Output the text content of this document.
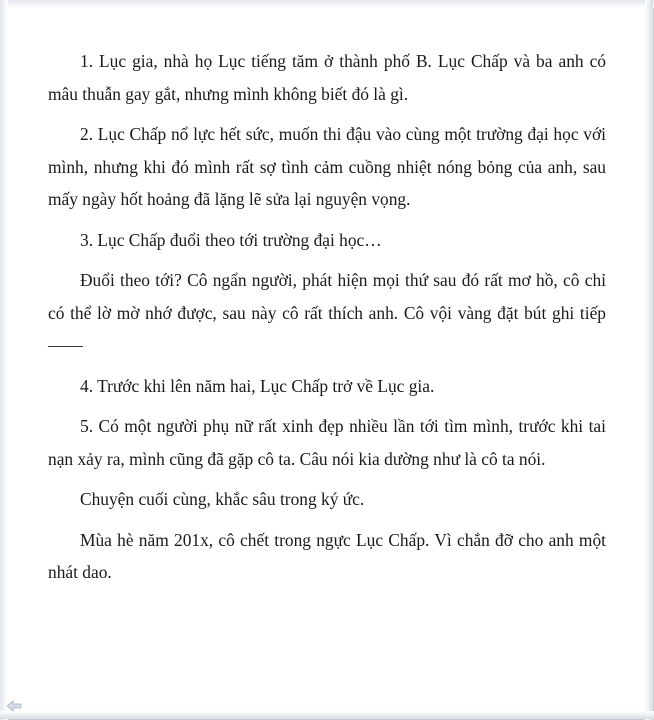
1. Lục gia, nhà họ Lục tiếng tăm ở thành phố B. Lục Chấp và ba anh có mâu thuẫn gay gắt, nhưng mình không biết đó là gì.

2. Lục Chấp nổ lực hết sức, muốn thi đậu vào cùng một trường đại học với mình, nhưng khi đó mình rất sợ tình cảm cuồng nhiệt nóng bỏng của anh, sau mấy ngày hốt hoảng đã lặng lẽ sửa lại nguyện vọng.

3. Lục Chấp đuổi theo tới trường đại học…

Đuổi theo tới? Cô ngẩn người, phát hiện mọi thứ sau đó rất mơ hồ, cô chỉ có thể lờ mờ nhớ được, sau này cô rất thích anh. Cô vội vàng đặt bút ghi tiếp ——

4. Trước khi lên năm hai, Lục Chấp trở về Lục gia.

5. Có một người phụ nữ rất xinh đẹp nhiều lần tới tìm mình, trước khi tai nạn xảy ra, mình cũng đã gặp cô ta. Câu nói kia dường như là cô ta nói.

Chuyện cuối cùng, khắc sâu trong ký ức.

Mùa hè năm 201x, cô chết trong ngực Lục Chấp. Vì chắn đỡ cho anh một nhát dao.
